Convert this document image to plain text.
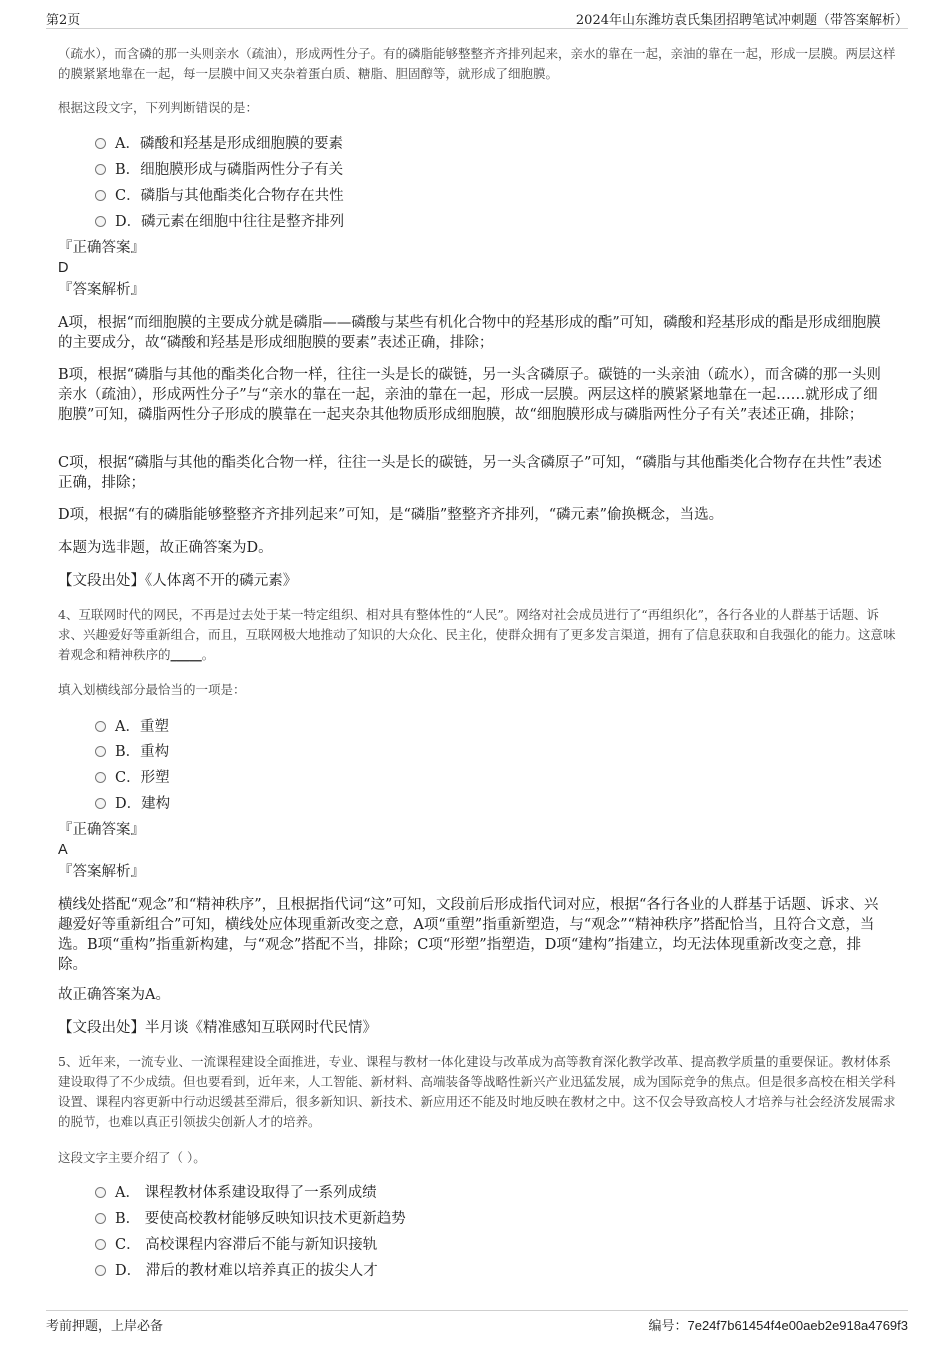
第2页	2024年山东潍坊袁氏集团招聘笔试冲刺题（带答案解析）
（疏水），而含磷的那一头则亲水（疏油），形成两性分子。有的磷脂能够整整齐齐排列起来，亲水的靠在一起，亲油的靠在一起，形成一层膜。两层这样的膜紧紧地靠在一起，每一层膜中间又夹杂着蛋白质、糖脂、胆固醇等，就形成了细胞膜。
根据这段文字，下列判断错误的是：
A．磷酸和羟基是形成细胞膜的要素
B．细胞膜形成与磷脂两性分子有关
C．磷脂与其他酯类化合物存在共性
D．磷元素在细胞中往往是整齐排列
『正确答案』
D
『答案解析』
A项，根据“而细胞膜的主要成分就是磷脂——磷酸与某些有机化合物中的羟基形成的酯”可知，磷酸和羟基形成的酯是形成细胞膜的主要成分，故“磷酸和羟基是形成细胞膜的要素”表述正确，排除；
B项，根据“磷脂与其他的酯类化合物一样，往往一头是长的碳链，另一头含磷原子。碳链的一头亲油（疏水），而含磷的那一头则亲水（疏油），形成两性分子”与“亲水的靠在一起，亲油的靠在一起，形成一层膜。两层这样的膜紧紧地靠在一起……就形成了细胞膜”可知，磷脂两性分子形成的膜靠在一起夹杂其他物质形成细胞膜，故“细胞膜形成与磷脂两性分子有关”表述正确，排除；
C项，根据“磷脂与其他的酯类化合物一样，往往一头是长的碳链，另一头含磷原子”可知，“磷脂与其他酯类化合物存在共性”表述正确，排除；
D项，根据“有的磷脂能够整整齐齐排列起来”可知，是“磷脂”整整齐齐排列，“磷元素”偷换概念，当选。
本题为选非题，故正确答案为D。
【文段出处】《人体离不开的磷元素》
4、互联网时代的网民，不再是过去处于某一特定组织、相对具有整体性的“人民”。网络对社会成员进行了“再组织化”，各行各业的人群基于话题、诉求、兴趣爱好等重新组合，而且，互联网极大地推动了知识的大众化、民主化，使群众拥有了更多发言渠道，拥有了信息获取和自我强化的能力。这意味着观念和精神秩序的_____。
填入划横线部分最恰当的一项是：
A．重塑
B．重构
C．形塑
D．建构
『正确答案』
A
『答案解析』
横线处搭配“观念”和“精神秩序”，且根据指代词“这”可知，文段前后形成指代词对应，根据“各行各业的人群基于话题、诉求、兴趣爱好等重新组合”可知，横线处应体现重新改变之意，A项“重塑”指重新塑造，与“观念”“精神秩序”搭配恰当，且符合文意，当选。B项“重构”指重新构建，与“观念”搭配不当，排除；C项“形塑”指塑造，D项“建构”指建立，均无法体现重新改变之意，排除。
故正确答案为A。
【文段出处】半月谈《精准感知互联网时代民情》
5、近年来，一流专业、一流课程建设全面推进，专业、课程与教材一体化建设与改革成为高等教育深化教学改革、提高教学质量的重要保证。教材体系建设取得了不少成绩。但也要看到，近年来，人工智能、新材料、高端装备等战略性新兴产业迅猛发展，成为国际竞争的焦点。但是很多高校在相关学科设置、课程内容更新中行动迟缓甚至滞后，很多新知识、新技术、新应用还不能及时地反映在教材之中。这不仅会导致高校人才培养与社会经济发展需求的脱节，也难以真正引领拔尖创新人才的培养。
这段文字主要介绍了（ ）。
A． 课程教材体系建设取得了一系列成绩
B． 要使高校教材能够反映知识技术更新趋势
C． 高校课程内容滞后不能与新知识接轨
D． 滞后的教材难以培养真正的拔尖人才
考前押题，上岸必备	编号：7e24f7b61454f4e00aeb2e918a4769f3
